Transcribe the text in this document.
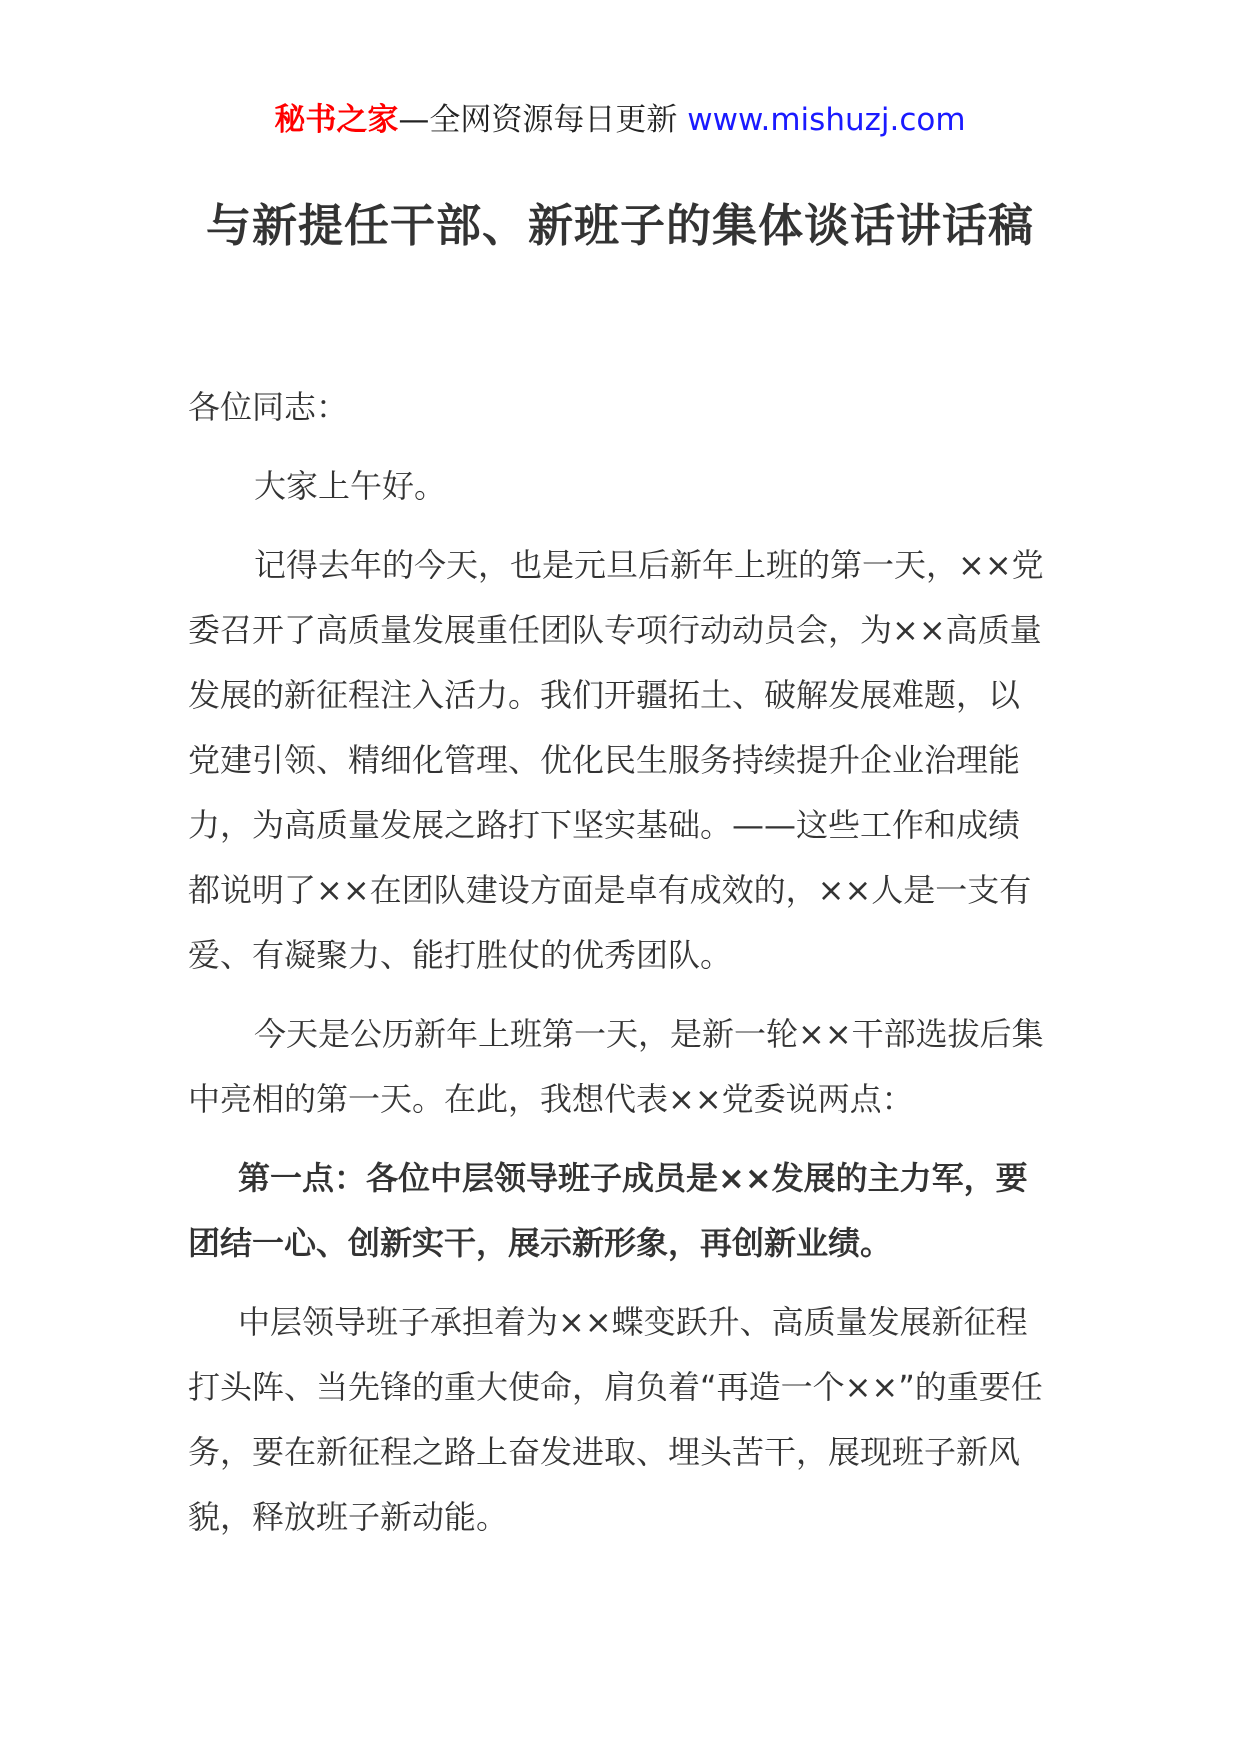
秘书之家—全网资源每日更新 www.mishuzj.com
与新提任干部、新班子的集体谈话讲话稿

各位同志：

大家上午好。

记得去年的今天，也是元旦后新年上班的第一天，××党委召开了高质量发展重任团队专项行动动员会，为××高质量发展的新征程注入活力。我们开疆拓土、破解发展难题，以党建引领、精细化管理、优化民生服务持续提升企业治理能力，为高质量发展之路打下坚实基础。——这些工作和成绩都说明了××在团队建设方面是卓有成效的，××人是一支有爱、有凝聚力、能打胜仗的优秀团队。

今天是公历新年上班第一天，是新一轮××干部选拔后集中亮相的第一天。在此，我想代表××党委说两点：

第一点：各位中层领导班子成员是××发展的主力军，要团结一心、创新实干，展示新形象，再创新业绩。

中层领导班子承担着为××蝶变跃升、高质量发展新征程打头阵、当先锋的重大使命，肩负着“再造一个××”的重要任务，要在新征程之路上奋发进取、埋头苦干，展现班子新风貌，释放班子新动能。
